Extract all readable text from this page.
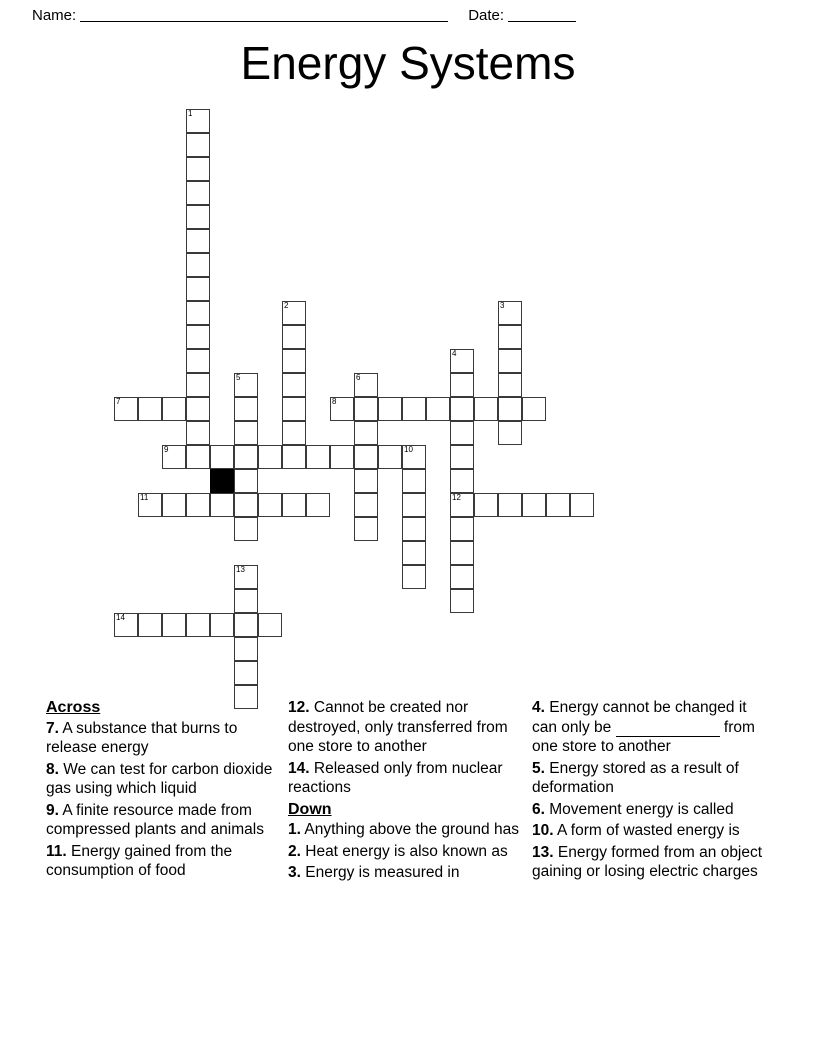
Name:	Date:
Energy Systems
1
4
6
5
7	8
10
9
11	12
13
14
3
2
Across
7. A substance that burns to release energy
8. We can test for carbon dioxide gas using which liquid
9. A finite resource made from compressed plants and animals
11. Energy gained from the consumption of food
12. Cannot be created nor destroyed, only transferred from one store to another
14. Released only from nuclear reactions
Down
1. Anything above the ground has
2. Heat energy is also known as
3. Energy is measured in
4. Energy cannot be changed it can only be	from one store to another
5. Energy stored as a result of deformation
6. Movement energy is called
10. A form of wasted energy is
13. Energy formed from an object gaining or losing electric charges
